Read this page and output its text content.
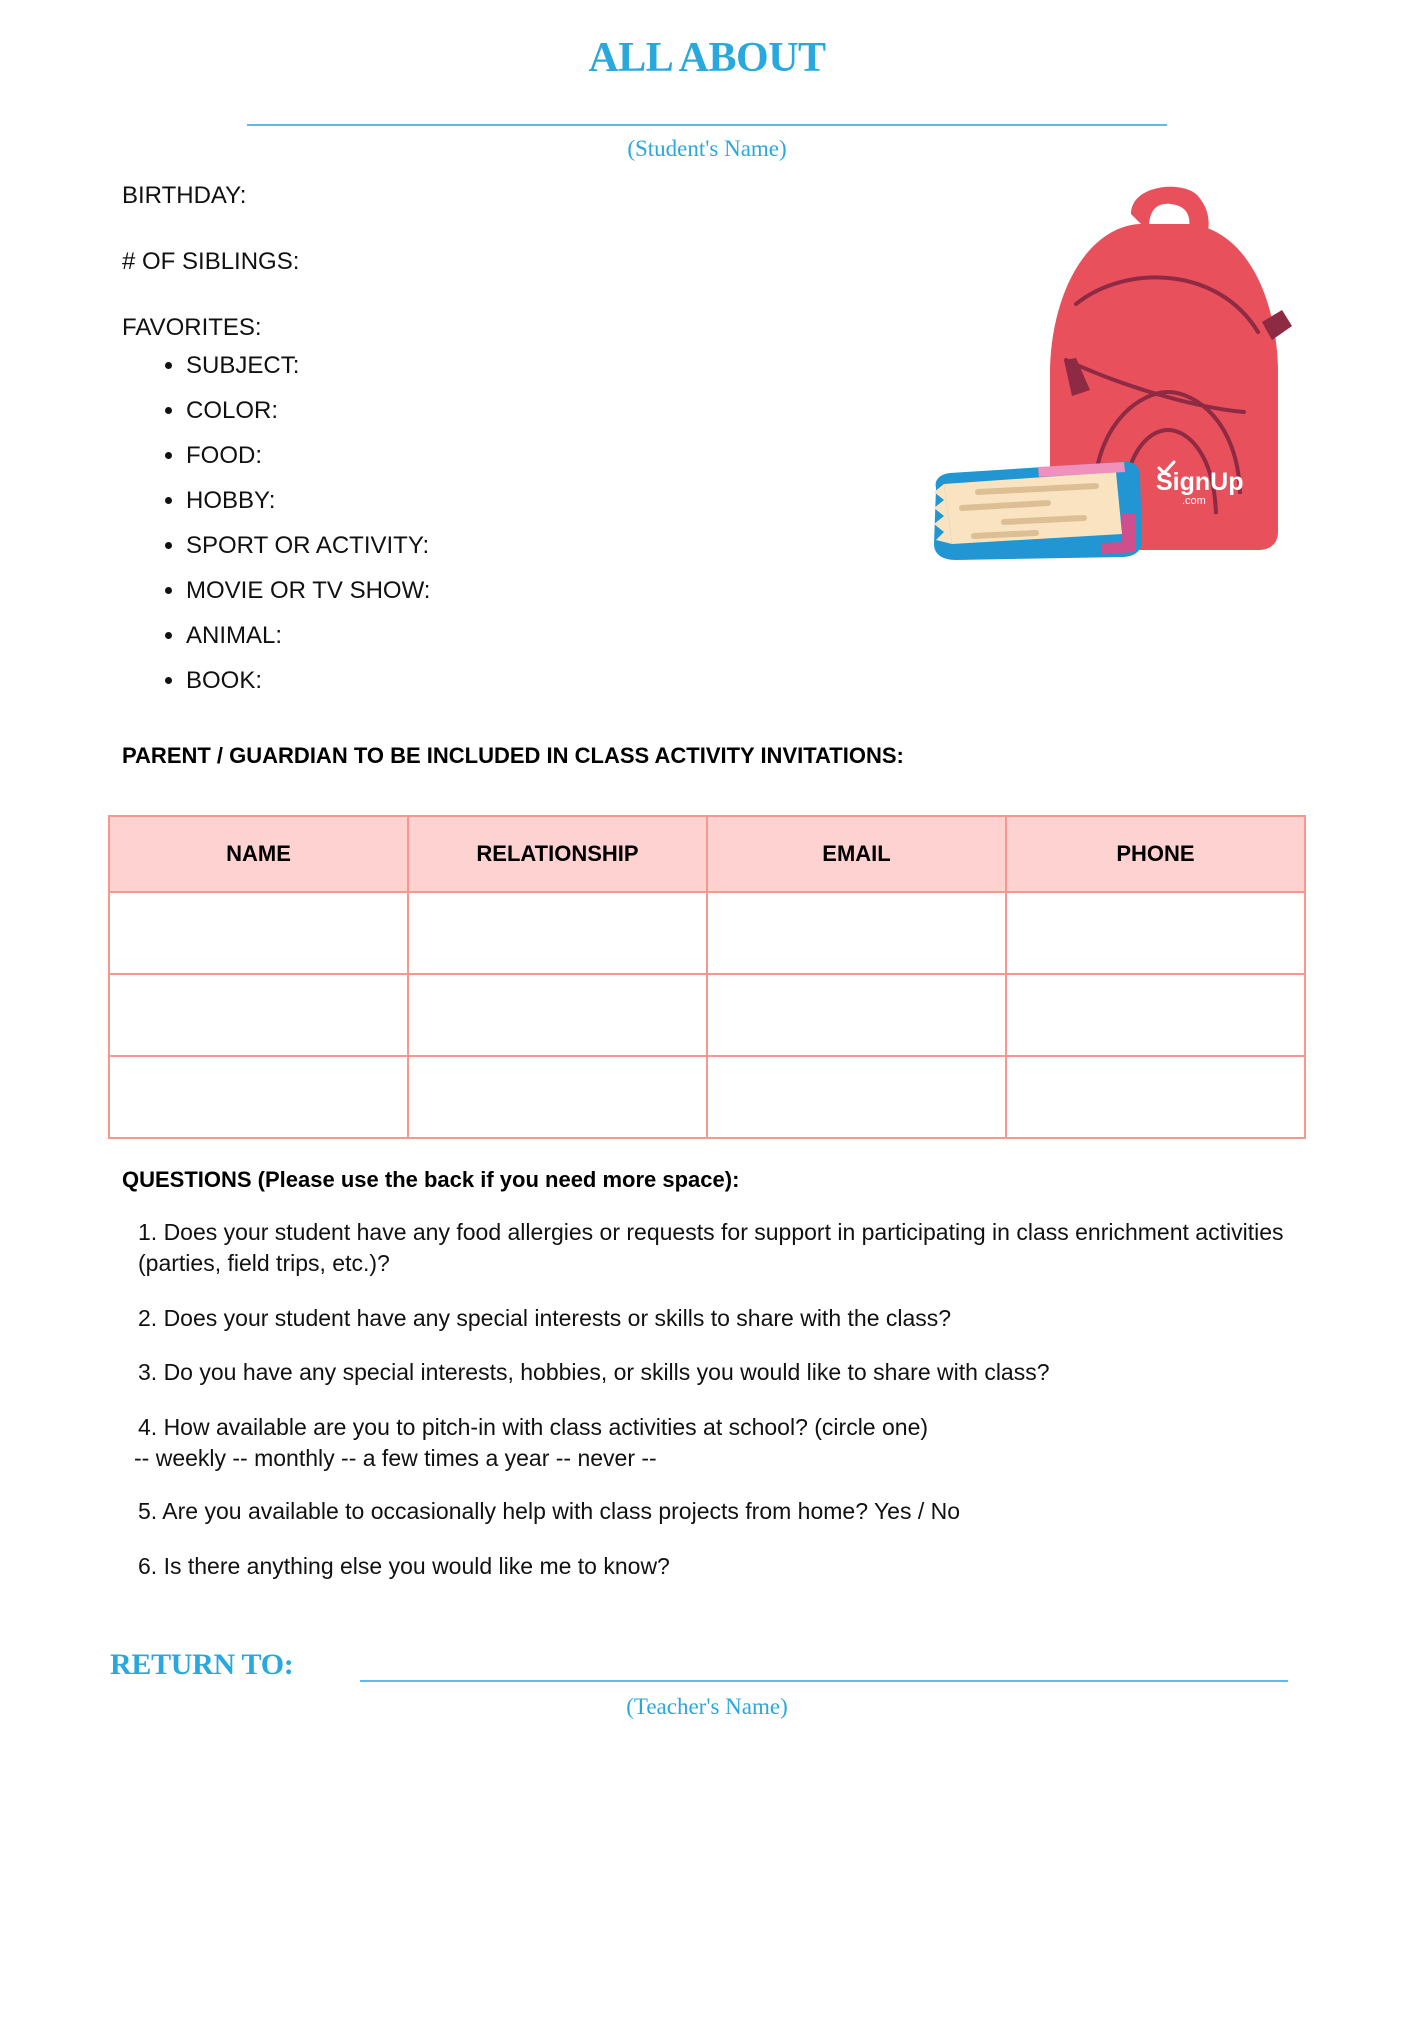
ALL ABOUT
(Student's Name)
BIRTHDAY:
# OF SIBLINGS:
FAVORITES:
• SUBJECT:
• COLOR:
• FOOD:
• HOBBY:
• SPORT OR ACTIVITY:
• MOVIE OR TV SHOW:
• ANIMAL:
• BOOK:
SignUp
.com
PARENT / GUARDIAN TO BE INCLUDED IN CLASS ACTIVITY INVITATIONS:
NAME	RELATIONSHIP	EMAIL	PHONE

QUESTIONS (Please use the back if you need more space):
1. Does your student have any food allergies or requests for support in participating in class enrichment activities (parties, field trips, etc.)?
2. Does your student have any special interests or skills to share with the class?
3. Do you have any special interests, hobbies, or skills you would like to share with class?
4. How available are you to pitch-in with class activities at school? (circle one)
-- weekly -- monthly -- a few times a year -- never --
5. Are you available to occasionally help with class projects from home? Yes / No
6. Is there anything else you would like me to know?
RETURN TO:
(Teacher's Name)
